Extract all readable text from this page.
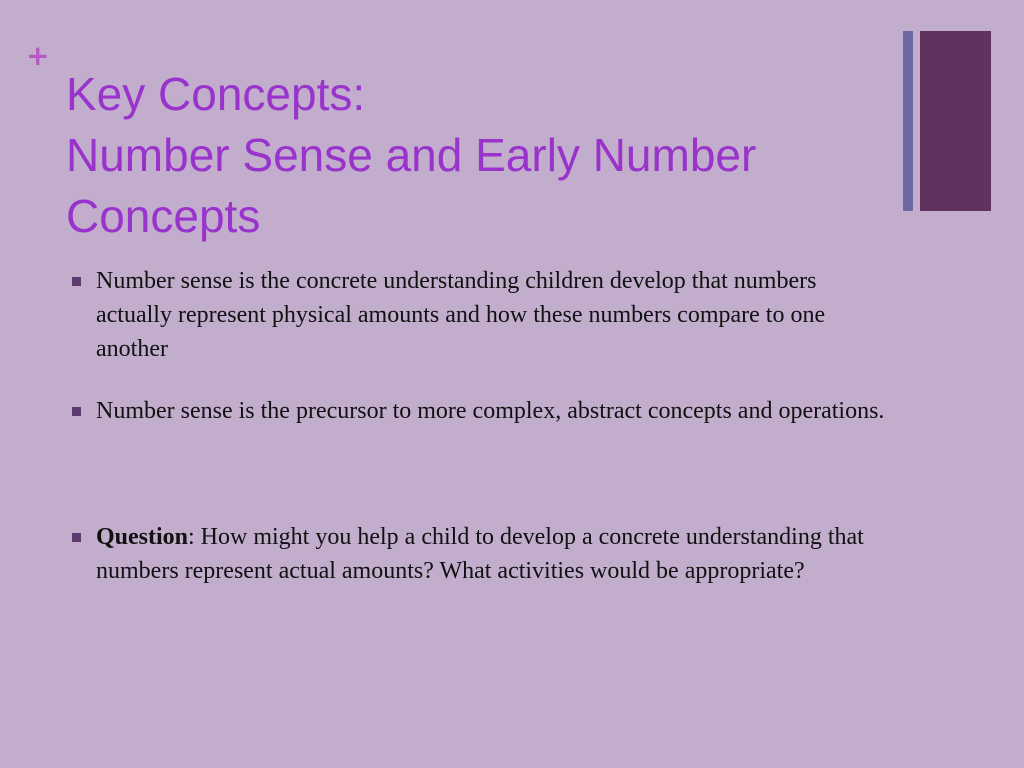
+
Key Concepts:
Number Sense and Early Number
Concepts
Number sense is the concrete understanding children develop that numbers actually represent physical amounts and how these numbers compare to one another
Number sense is the precursor to more complex, abstract concepts and operations.
Question: How might you help a child to develop a concrete understanding that numbers represent actual amounts? What activities would be appropriate?
